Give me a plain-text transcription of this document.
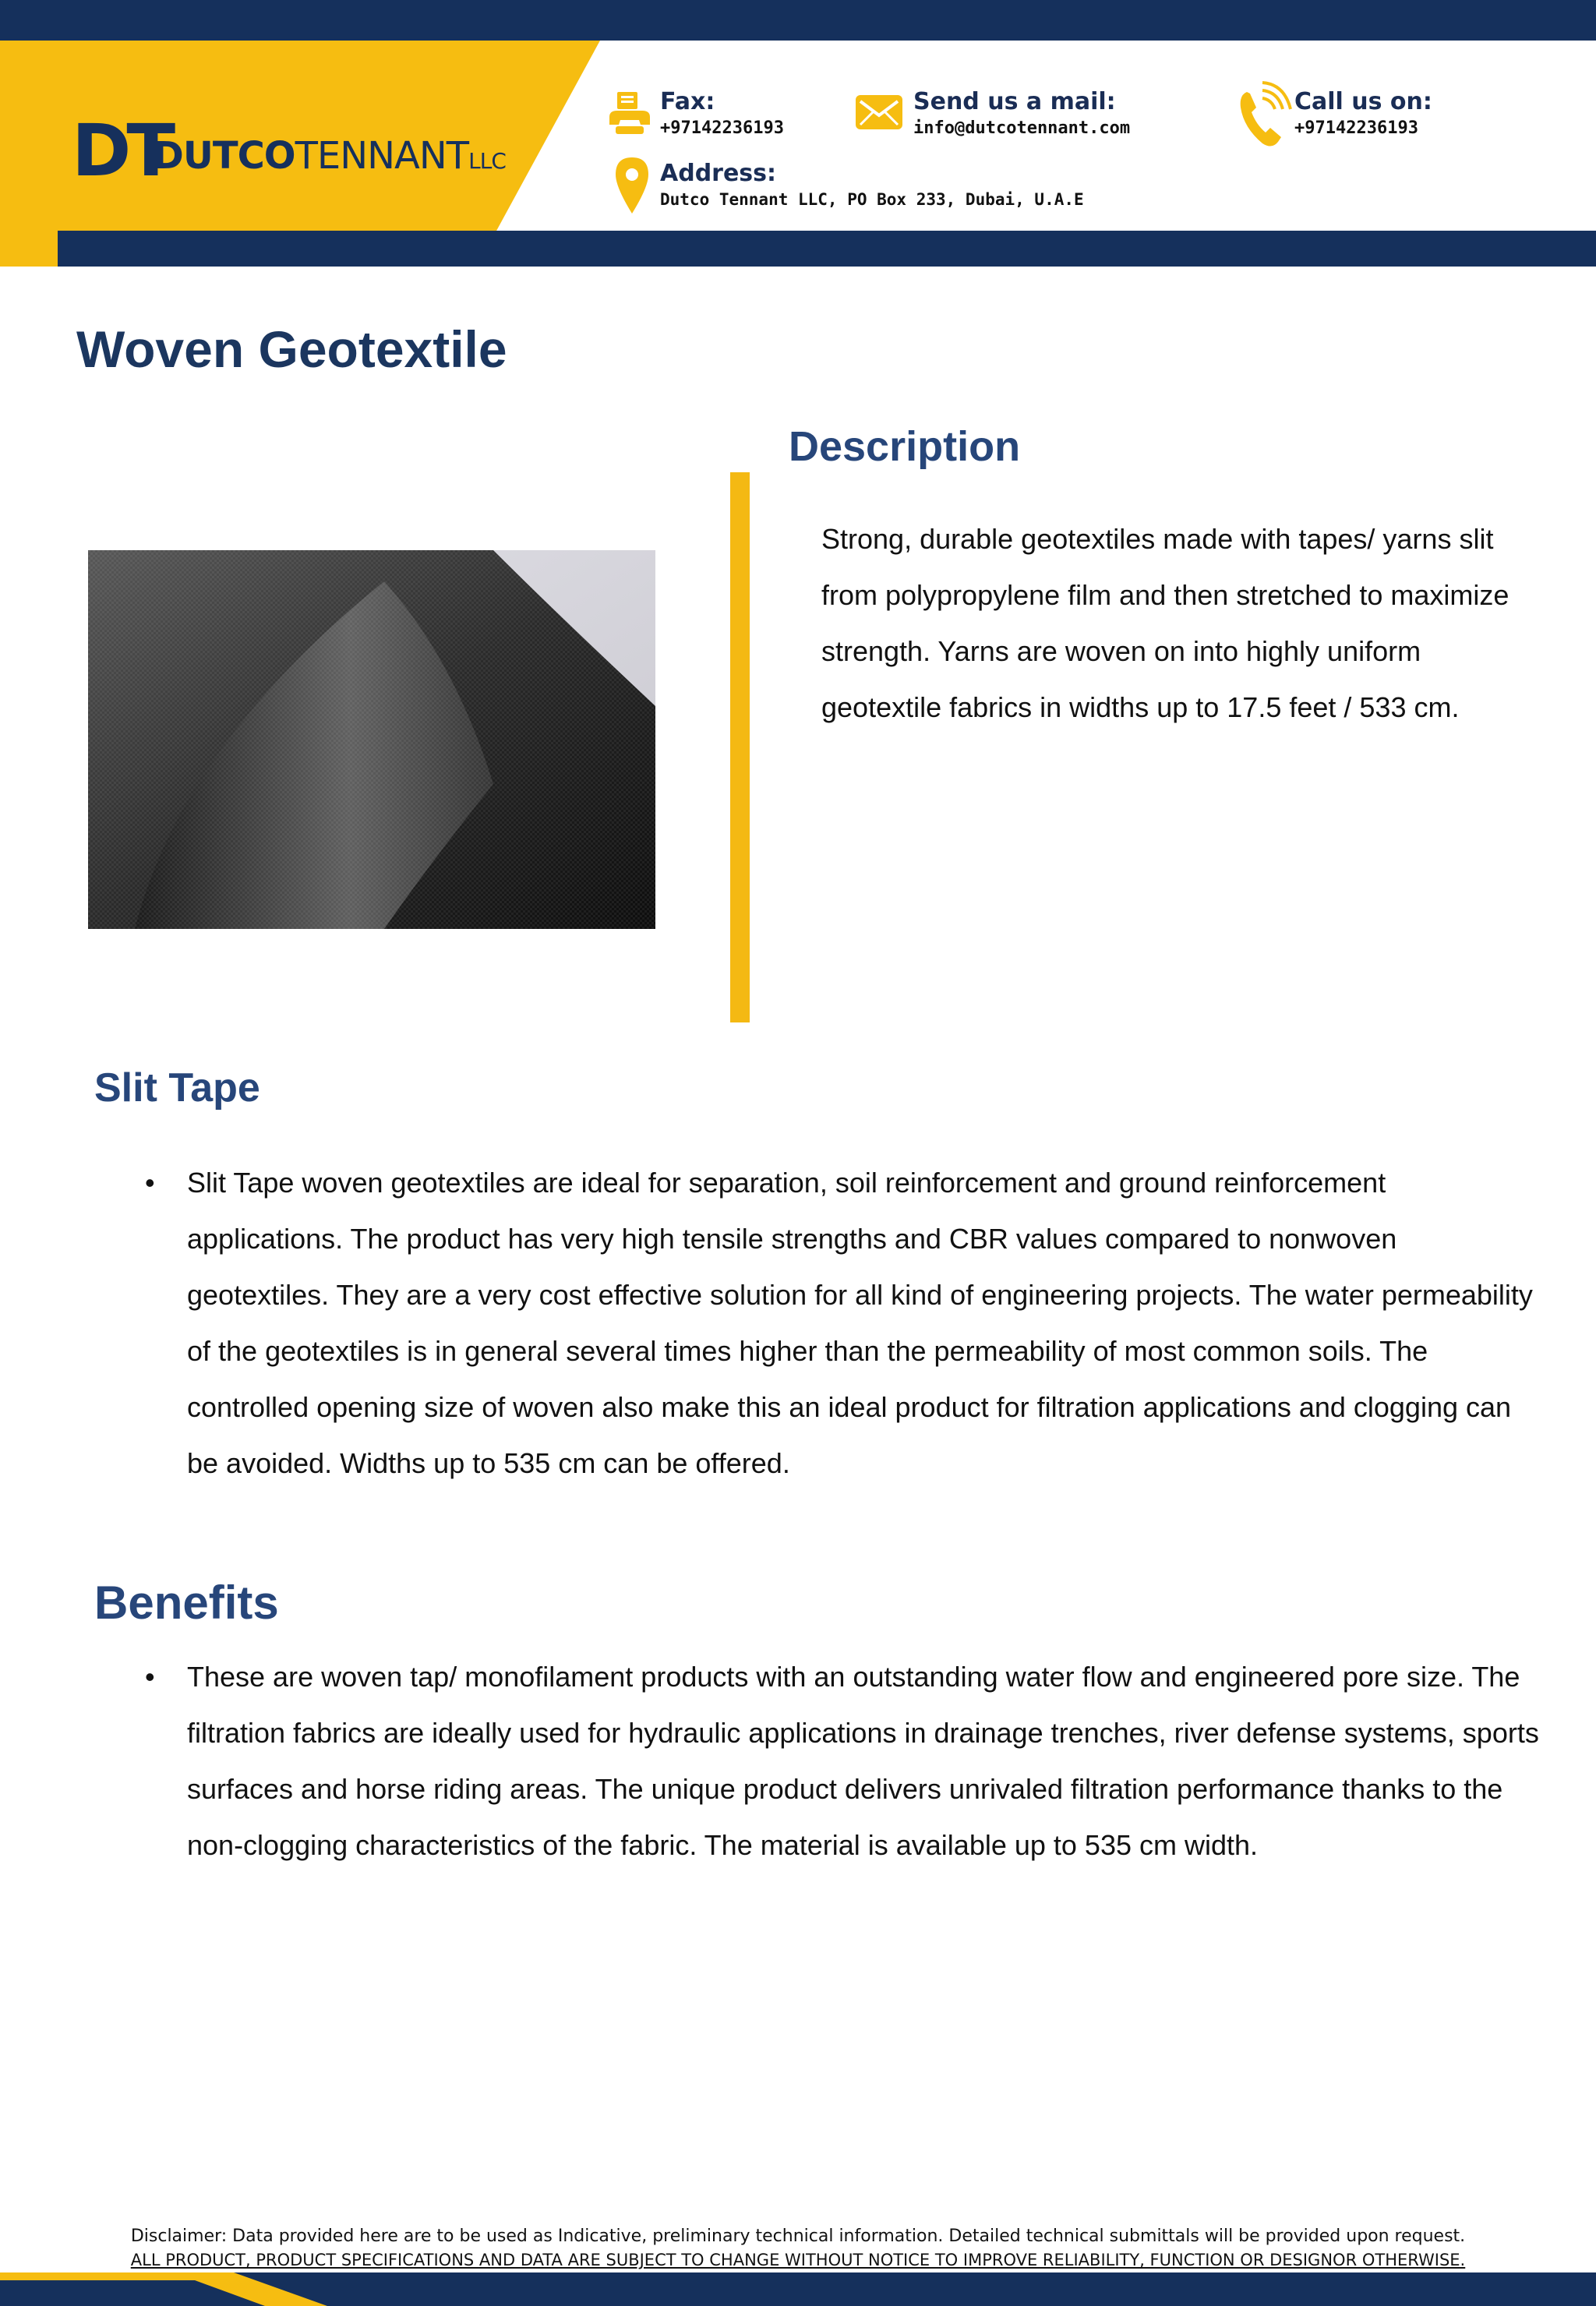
DT
DUTCOTENNANTLLC
Fax:
+97142236193
Send us a mail:
info@dutcotennant.com
Call us on:
+97142236193
Address:
Dutco Tennant LLC, PO Box 233, Dubai, U.A.E
Woven Geotextile
Description

Strong, durable geotextiles made with tapes/ yarns slit from polypropylene film and then stretched to maximize strength. Yarns are woven on into highly uniform geotextile fabrics in widths up to 17.5 feet / 533 cm.

Slit Tape
• Slit Tape woven geotextiles are ideal for separation, soil reinforcement and ground reinforcement applications. The product has very high tensile strengths and CBR values compared to nonwoven geotextiles. They are a very cost effective solution for all kind of engineering projects. The water permeability of the geotextiles is in general several times higher than the permeability of most common soils. The controlled opening size of woven also make this an ideal product for filtration applications and clogging can be avoided. Widths up to 535 cm can be offered.
Benefits
• These are woven tap/ monofilament products with an outstanding water flow and engineered pore size. The filtration fabrics are ideally used for hydraulic applications in drainage trenches, river defense systems, sports surfaces and horse riding areas. The unique product delivers unrivaled filtration performance thanks to the non-clogging characteristics of the fabric. The material is available up to 535 cm width.

Disclaimer: Data provided here are to be used as Indicative, preliminary technical information. Detailed technical submittals will be provided upon request.

ALL PRODUCT, PRODUCT SPECIFICATIONS AND DATA ARE SUBJECT TO CHANGE WITHOUT NOTICE TO IMPROVE RELIABILITY, FUNCTION OR DESIGNOR OTHERWISE.
